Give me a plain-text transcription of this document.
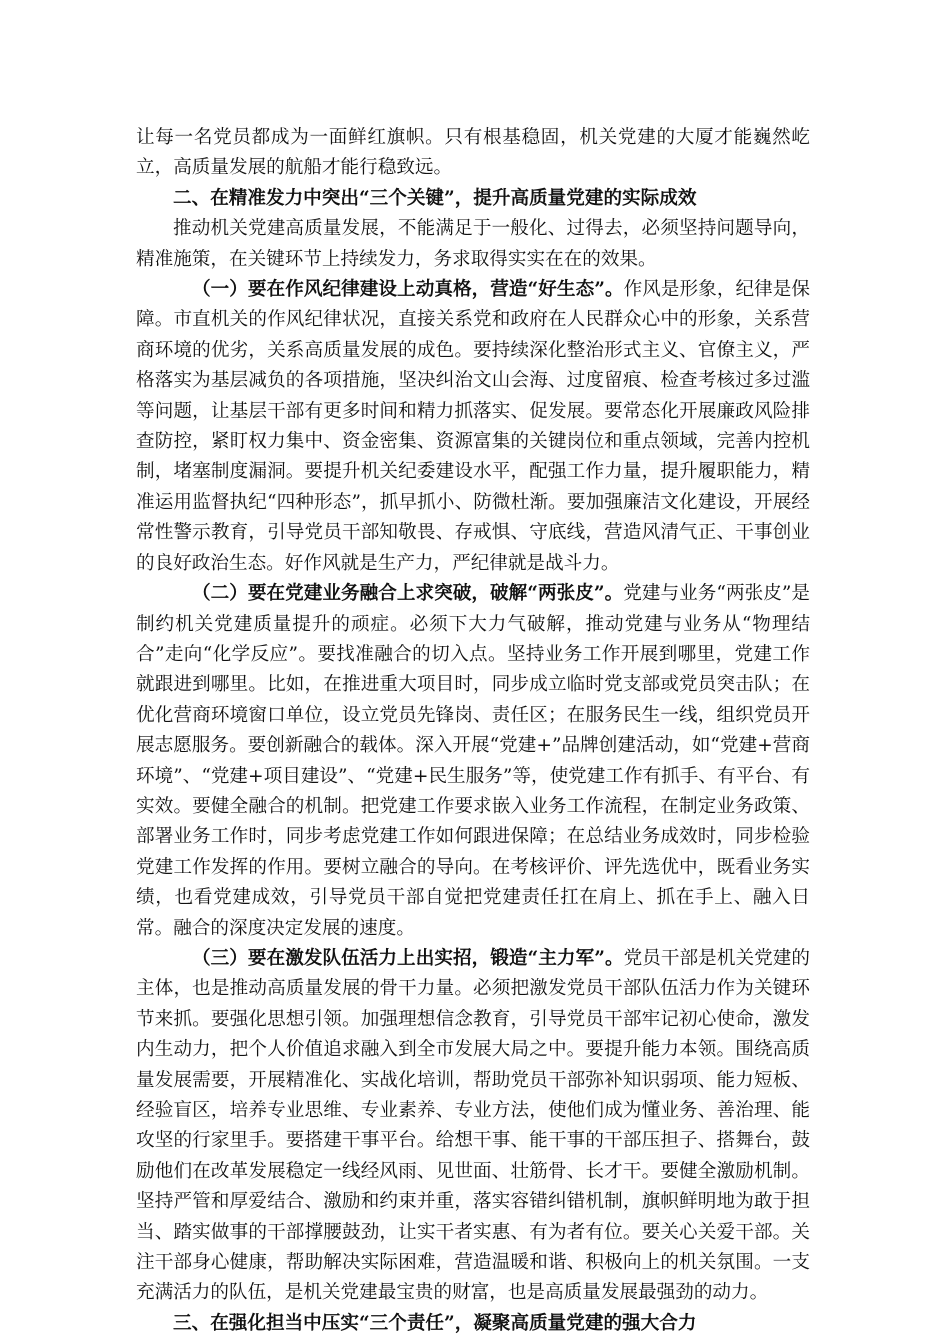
让每一名党员都成为一面鲜红旗帜。只有根基稳固，机关党建的大厦才能巍然屹立，高质量发展的航船才能行稳致远。

二、在精准发力中突出“三个关键”，提升高质量党建的实际成效

推动机关党建高质量发展，不能满足于一般化、过得去，必须坚持问题导向，精准施策，在关键环节上持续发力，务求取得实实在在的效果。

（一）要在作风纪律建设上动真格，营造“好生态”。作风是形象，纪律是保障。市直机关的作风纪律状况，直接关系党和政府在人民群众心中的形象，关系营商环境的优劣，关系高质量发展的成色。要持续深化整治形式主义、官僚主义，严格落实为基层减负的各项措施，坚决纠治文山会海、过度留痕、检查考核过多过滥等问题，让基层干部有更多时间和精力抓落实、促发展。要常态化开展廉政风险排查防控，紧盯权力集中、资金密集、资源富集的关键岗位和重点领域，完善内控机制，堵塞制度漏洞。要提升机关纪委建设水平，配强工作力量，提升履职能力，精准运用监督执纪“四种形态”，抓早抓小、防微杜渐。要加强廉洁文化建设，开展经常性警示教育，引导党员干部知敬畏、存戒惧、守底线，营造风清气正、干事创业的良好政治生态。好作风就是生产力，严纪律就是战斗力。

（二）要在党建业务融合上求突破，破解“两张皮”。党建与业务“两张皮”是制约机关党建质量提升的顽症。必须下大力气破解，推动党建与业务从“物理结合”走向“化学反应”。要找准融合的切入点。坚持业务工作开展到哪里，党建工作就跟进到哪里。比如，在推进重大项目时，同步成立临时党支部或党员突击队；在优化营商环境窗口单位，设立党员先锋岗、责任区；在服务民生一线，组织党员开展志愿服务。要创新融合的载体。深入开展“党建+”品牌创建活动，如“党建+营商环境”、“党建+项目建设”、“党建+民生服务”等，使党建工作有抓手、有平台、有实效。要健全融合的机制。把党建工作要求嵌入业务工作流程，在制定业务政策、部署业务工作时，同步考虑党建工作如何跟进保障；在总结业务成效时，同步检验党建工作发挥的作用。要树立融合的导向。在考核评价、评先选优中，既看业务实绩，也看党建成效，引导党员干部自觉把党建责任扛在肩上、抓在手上、融入日常。融合的深度决定发展的速度。

（三）要在激发队伍活力上出实招，锻造“主力军”。党员干部是机关党建的主体，也是推动高质量发展的骨干力量。必须把激发党员干部队伍活力作为关键环节来抓。要强化思想引领。加强理想信念教育，引导党员干部牢记初心使命，激发内生动力，把个人价值追求融入到全市发展大局之中。要提升能力本领。围绕高质量发展需要，开展精准化、实战化培训，帮助党员干部弥补知识弱项、能力短板、经验盲区，培养专业思维、专业素养、专业方法，使他们成为懂业务、善治理、能攻坚的行家里手。要搭建干事平台。给想干事、能干事的干部压担子、搭舞台，鼓励他们在改革发展稳定一线经风雨、见世面、壮筋骨、长才干。要健全激励机制。坚持严管和厚爱结合、激励和约束并重，落实容错纠错机制，旗帜鲜明地为敢于担当、踏实做事的干部撑腰鼓劲，让实干者实惠、有为者有位。要关心关爱干部。关注干部身心健康，帮助解决实际困难，营造温暖和谐、积极向上的机关氛围。一支充满活力的队伍，是机关党建最宝贵的财富，也是高质量发展最强劲的动力。

三、在强化担当中压实“三个责任”，凝聚高质量党建的强大合力
